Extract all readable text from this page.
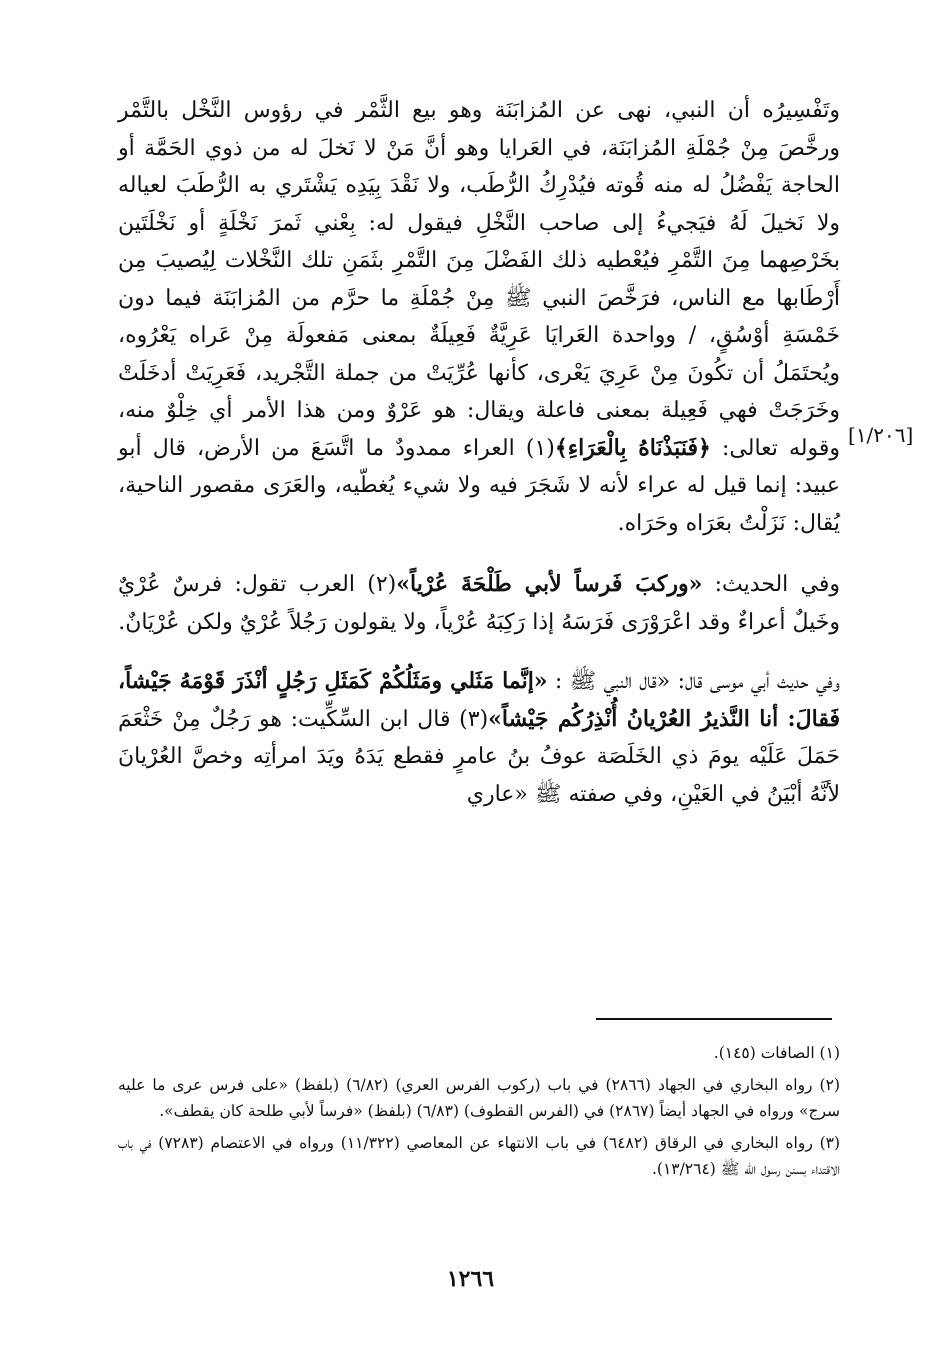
[١/٢٠٦]

وتَفْسِيرُه أن النبي، نهى عن المُزابَنَة وهو بيع الثَّمْر في رؤوس النَّخْل بالتَّمْر ورخَّصَ مِنْ جُمْلَةِ المُزابَنَة، في العَرايا وهو أنَّ مَنْ لا نَخلَ له من ذوي الحَمَّة أو الحاجة يَفْضُلُ له منه قُوته فيُدْرِكُ الرُّطَب، ولا نَقْدَ بِيَدِه يَشْتَري به الرُّطَبَ لعياله ولا نَخيلَ لَهُ فيَجيءُ إلى صاحب النَّخْلِ فيقول له: بِعْني ثَمرَ نَخْلَةٍ أو نَخْلَتَين بخَرْصِهما مِنَ التَّمْرِ فيُعْطيه ذلك الفَضْلَ مِنَ التَّمْرِ بثَمَنِ تلك النَّخْلات لِيُصيبَ مِن أَرْطَابها مع الناس، فرَخَّصَ النبي ﷺ مِنْ جُمْلَةِ ما حرَّم من المُزابَنَة فيما دون خَمْسَةِ أوْسُقٍ، / وواحدة العَرايَا عَرِيَّةٌ فَعِيلَةٌ بمعنى مَفعولَة مِنْ عَراه يَعْرُوه، ويُحتَمَلُ أن تكُونَ مِنْ عَرِيَ يَعْرى، كأنها عُرِّيَتْ من جملة التَّجْريد، فَعَرِيَتْ أدخَلَتْ وخَرَجَتْ فهي فَعِيلة بمعنى فاعلة ويقال: هو عَرْوٌ ومن هذا الأمر أي خِلْوٌ منه، وقوله تعالى: ﴿فَنَبَذْنَاهُ بِالْعَرَاءِ﴾(١) العراء ممدودٌ ما اتَّسَعَ من الأرض، قال أبو عبيد: إنما قيل له عراء لأنه لا شَجَرَ فيه ولا شيء يُغطّيه، والعَرَى مقصور الناحية، يُقال: نَزَلْتُ بعَرَاه وحَرَاه.

وفي الحديث: «وركبَ فَرساً لأبي طَلْحَةَ عُرْياً»(٢) العرب تقول: فرسٌ عُرْيٌ وخَيلٌ أعراءٌ وقد اعْرَوْرَى فَرَسَهُ إذا رَكِبَهُ عُرْياً، ولا يقولون رَجُلاً عُرْيٌ ولكن عُرْيَانٌ.

وفي حديث أبي موسى قال: «قال النبي ﷺ : «إنَّما مَثَلي ومَثَلُكُمْ كَمَثَلِ رَجُلٍ أنْذَرَ قَوْمَهُ جَيْشاً، فَقالَ: أنا النَّذيرُ العُرْيانُ أُنْذِرُكُم جَيْشاً»(٣) قال ابن السِّكِّيت: هو رَجُلٌ مِنْ خَثْعَمَ حَمَلَ عَلَيْه يومَ ذي الخَلَصَة عوفُ بنُ عامرٍ فقطع يَدَهُ ويَدَ امرأتِه وخصَّ العُرْيانَ لأنَّهُ أبْيَنُ في العَيْنِ، وفي صفته ﷺ «عاري

(١) الصافات (١٤٥).

(٢) رواه البخاري في الجهاد (٢٨٦٦) في باب (ركوب الفرس العري) (٦/٨٢) (بلفظ) «على فرس عرى ما عليه سرج» ورواه في الجهاد أيضاً (٢٨٦٧) في (الفرس القطوف) (٦/٨٣) (بلفظ) «فرساً لأبي طلحة كان يقطف».

(٣) رواه البخاري في الرقاق (٦٤٨٢) في باب الانتهاء عن المعاصي (١١/٣٢٢) ورواه في الاعتصام (٧٢٨٣) في باب الاقتداء بسنن رسول الله ﷺ (١٣/٢٦٤).

١٢٦٦
